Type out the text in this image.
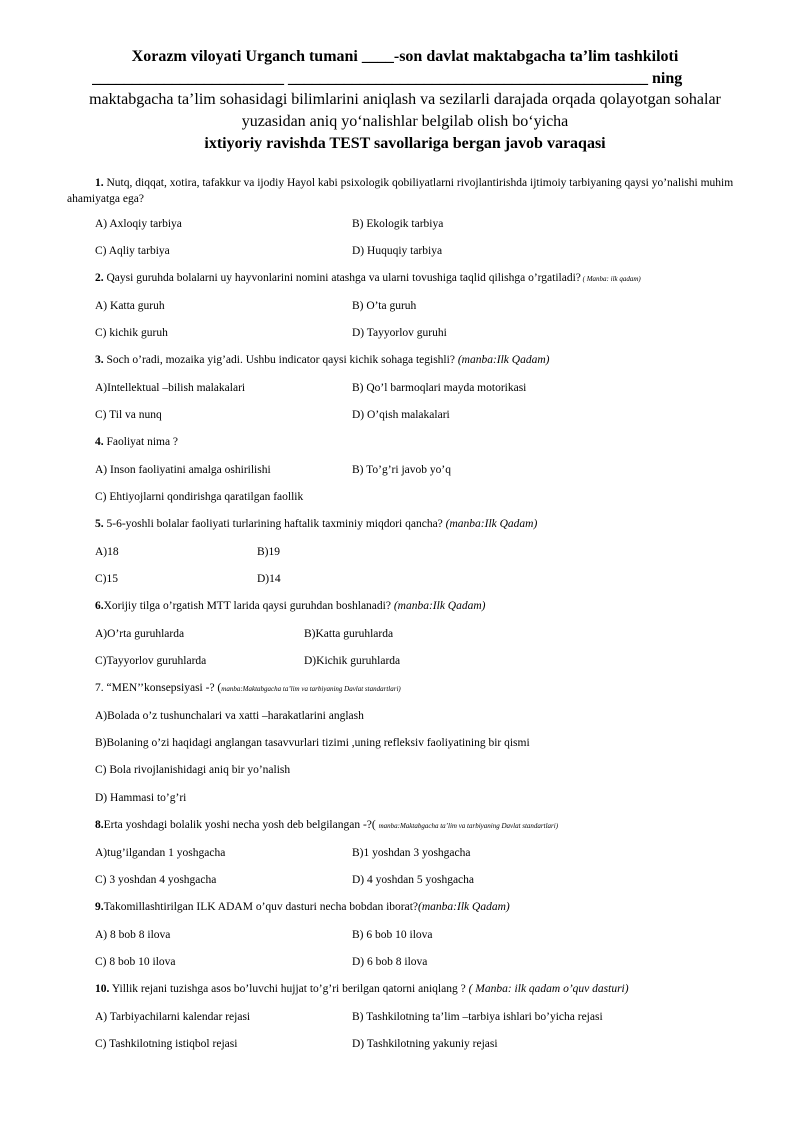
Xorazm viloyati Urganch tumani ____-son davlat maktabgacha ta’lim tashkiloti
________________________ _____________________________________________ ning
maktabgacha ta’lim sohasidagi bilimlarini aniqlash va sezilarli darajada orqada qolayotgan sohalar
yuzasidan aniq yo‘nalishlar belgilab olish bo‘yicha
ixtiyoriy ravishda TEST savollariga bergan javob varaqasi
1. Nutq, diqqat, xotira, tafakkur va ijodiy Hayol kabi psixologik qobiliyatlarni rivojlantirishda ijtimoiy tarbiyaning qaysi yo’nalishi muhim ahamiyatga ega?
A) Axloqiy tarbiya	B) Ekologik tarbiya
C) Aqliy tarbiya	D) Huquqiy tarbiya
2. Qaysi guruhda bolalarni uy hayvonlarini nomini atashga va ularni tovushiga taqlid qilishga o’rgatiladi? ( Manba: ilk qadam)
A) Katta guruh	B) O’ta guruh
C) kichik guruh	D) Tayyorlov guruhi
3. Soch o’radi, mozaika yig’adi. Ushbu indicator qaysi kichik sohaga tegishli? (manba:Ilk Qadam)
A)Intellektual –bilish malakalari	B) Qo’l barmoqlari mayda motorikasi
C) Til va nunq	D) O’qish malakalari
4. Faoliyat nima ?
A) Inson faoliyatini amalga oshirilishi	B) To’g’ri javob yo’q
C) Ehtiyojlarni qondirishga qaratilgan faollik
5. 5-6-yoshli bolalar faoliyati turlarining haftalik taxminiy miqdori qancha? (manba:Ilk Qadam)
A)18	B)19
C)15	D)14
6.Xorijiy tilga o’rgatish MTT larida qaysi guruhdan boshlanadi? (manba:Ilk Qadam)
A)O’rta guruhlarda	B)Katta guruhlarda
C)Tayyorlov guruhlarda	D)Kichik guruhlarda
7. “MEN’’konsepsiyasi -? (manba:Maktabgacha ta’lim va tarbiyaning Davlat standartlari)
A)Bolada o’z tushunchalari va xatti –harakatlarini anglash
B)Bolaning o’zi haqidagi anglangan tasavvurlari tizimi ,uning refleksiv faoliyatining bir qismi
C) Bola rivojlanishidagi aniq bir yo’nalish
D) Hammasi to’g’ri
8.Erta yoshdagi bolalik yoshi necha yosh deb belgilangan -?( manba:Maktabgacha ta’lim va tarbiyaning Davlat standartlari)
A)tug’ilgandan 1 yoshgacha	B)1 yoshdan 3 yoshgacha
C) 3 yoshdan 4 yoshgacha	D) 4 yoshdan 5 yoshgacha
9.Takomillashtirilgan ILK ADAM o’quv dasturi necha bobdan iborat?(manba:Ilk Qadam)
A) 8 bob 8 ilova	B) 6 bob 10 ilova
C) 8 bob 10 ilova	D) 6 bob 8 ilova
10. Yillik rejani tuzishga asos bo’luvchi hujjat to’g’ri berilgan qatorni aniqlang ? ( Manba: ilk qadam o’quv dasturi)
A) Tarbiyachilarni kalendar rejasi	B) Tashkilotning ta’lim –tarbiya ishlari bo’yicha rejasi
C) Tashkilotning istiqbol rejasi	D) Tashkilotning yakuniy rejasi
